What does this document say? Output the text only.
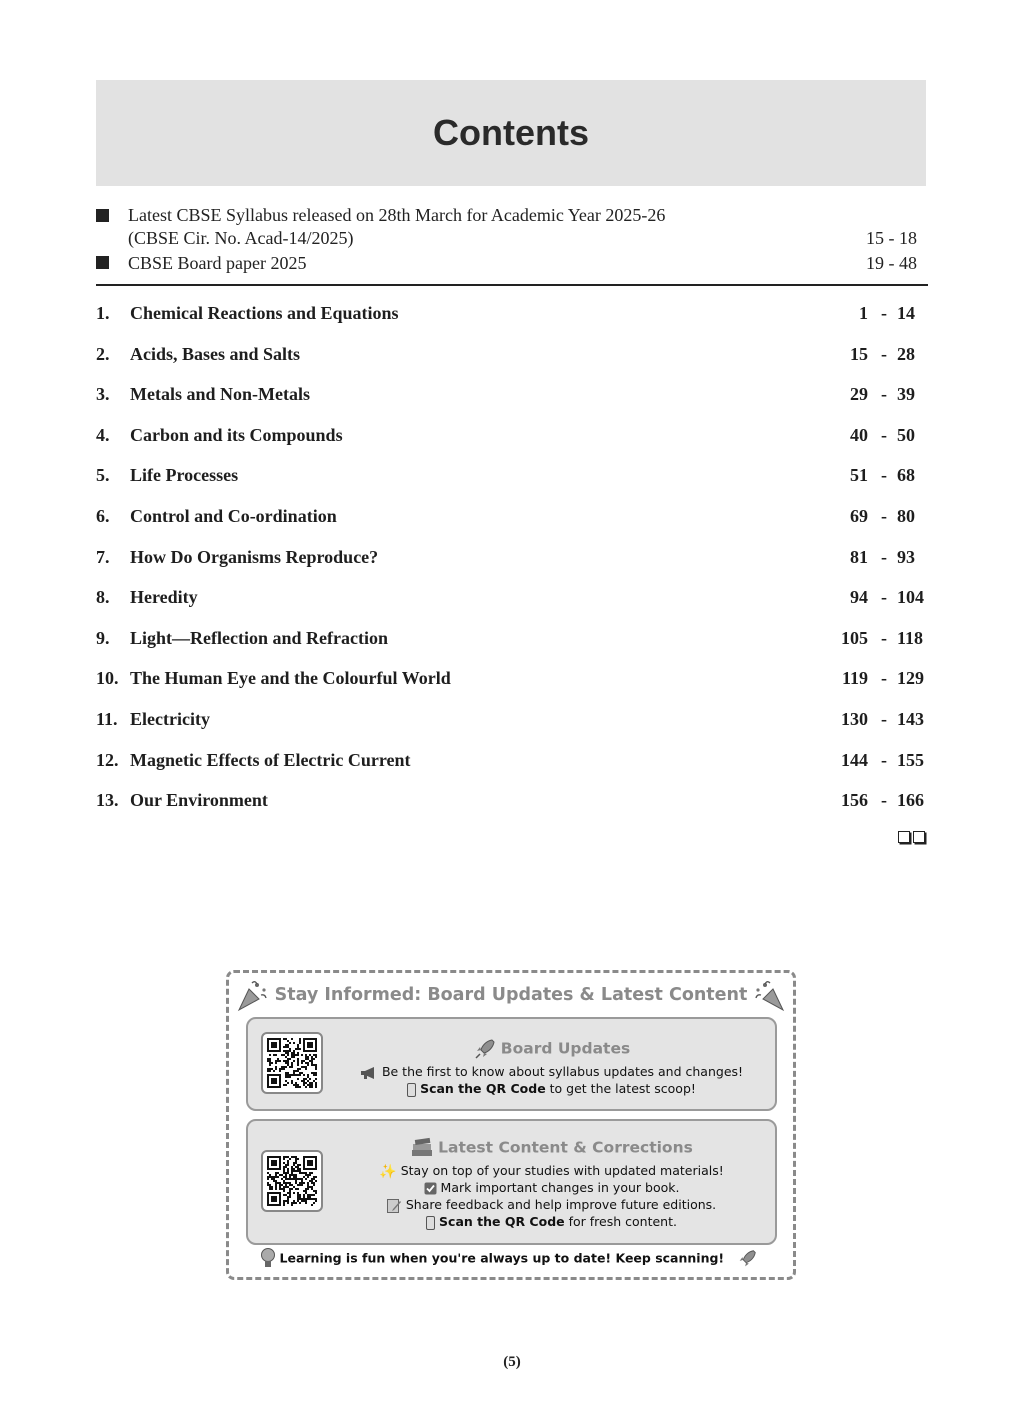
Contents
Latest CBSE Syllabus released on 28th March for Academic Year 2025-26
(CBSE Cir. No. Acad-14/2025)	15 - 18
CBSE Board paper 2025	19 - 48
1. Chemical Reactions and Equations	1 - 14
2. Acids, Bases and Salts	15 - 28
3. Metals and Non-Metals	29 - 39
4. Carbon and its Compounds	40 - 50
5. Life Processes	51 - 68
6. Control and Co-ordination	69 - 80
7. How Do Organisms Reproduce?	81 - 93
8. Heredity	94 - 104
9. Light—Reflection and Refraction	105 - 118
10. The Human Eye and the Colourful World	119 - 129
11. Electricity	130 - 143
12. Magnetic Effects of Electric Current	144 - 155
13. Our Environment	156 - 166
Stay Informed: Board Updates & Latest Content
Board Updates
Be the first to know about syllabus updates and changes!
Scan the QR Code to get the latest scoop!
Latest Content & Corrections
✨ Stay on top of your studies with updated materials!
Mark important changes in your book.
Share feedback and help improve future editions.
Scan the QR Code for fresh content.
Learning is fun when you're always up to date! Keep scanning!
(5)
